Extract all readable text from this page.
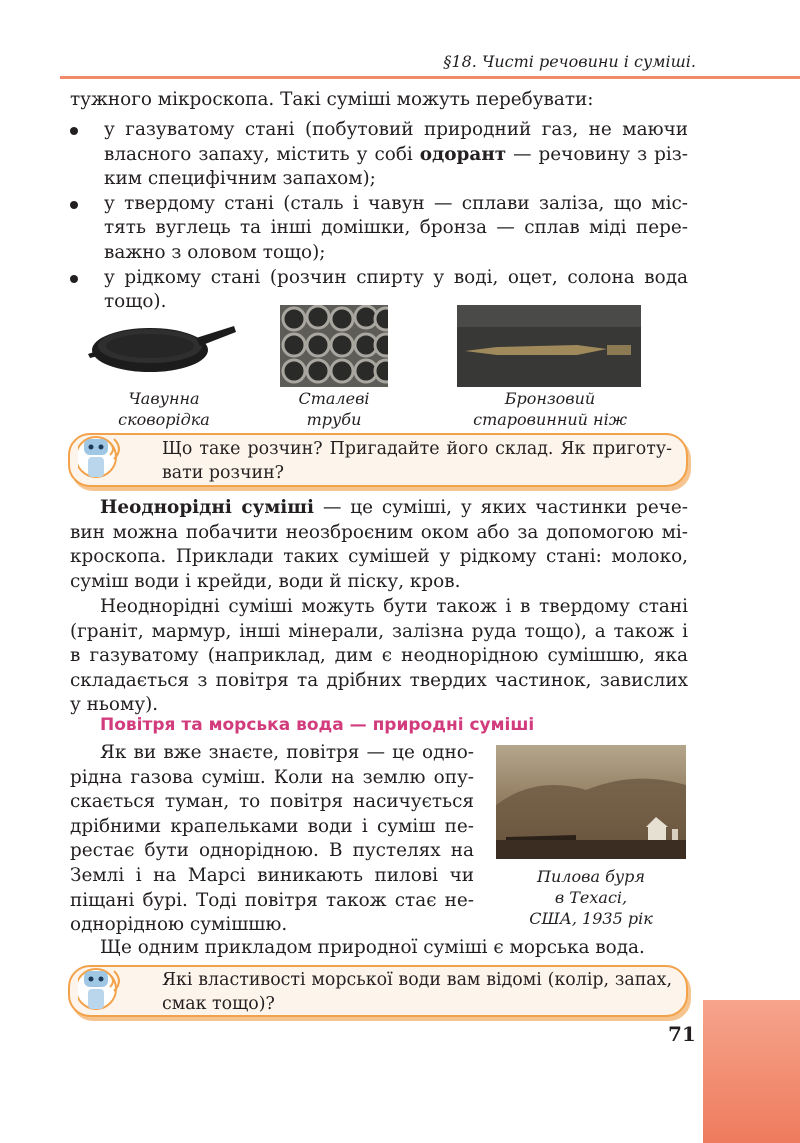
§18. Чисті речовини і суміші.
тужного мікроскопа. Такі суміші можуть перебувати:
у газуватому стані (побутовий природний газ, не маючи
власного запаху, містить у собі одорант — речовину з різ-
ким специфічним запахом);
у твердому стані (сталь і чавун — сплави заліза, що міс-
тять вуглець та інші домішки, бронза — сплав міді пере-
важно з оловом тощо);
у рідкому стані (розчин спирту у воді, оцет, солона вода
тощо).
Чавунна
сковорідка
Сталеві
труби
Бронзовий
старовинний ніж
Що таке розчин? Пригадайте його склад. Як приготу-
вати розчин?
Неоднорідні суміші — це суміші, у яких частинки рече-
вин можна побачити неозброєним оком або за допомогою мі-
кроскопа. Приклади таких сумішей у рідкому стані: молоко,
суміш води і крейди, води й піску, кров.
Неоднорідні суміші можуть бути також і в твердому стані
(граніт, мармур, інші мінерали, залізна руда тощо), а також і
в газуватому (наприклад, дим є неоднорідною сумішшю, яка
складається з повітря та дрібних твердих частинок, завислих
у ньому).
Повітря та морська вода — природні суміші
Як ви вже знаєте, повітря — це одно-
рідна газова суміш. Коли на землю опу-
скається туман, то повітря насичується
дрібними крапельками води і суміш пе-
рестає бути однорідною. В пустелях на
Землі і на Марсі виникають пилові чи
піщані бурі. Тоді повітря також стає не-
однорідною сумішшю.
Пилова буря
в Техасі,
США, 1935 рік
Ще одним прикладом природної суміші є морська вода.
Які властивості морської води вам відомі (колір, запах,
смак тощо)?
71
